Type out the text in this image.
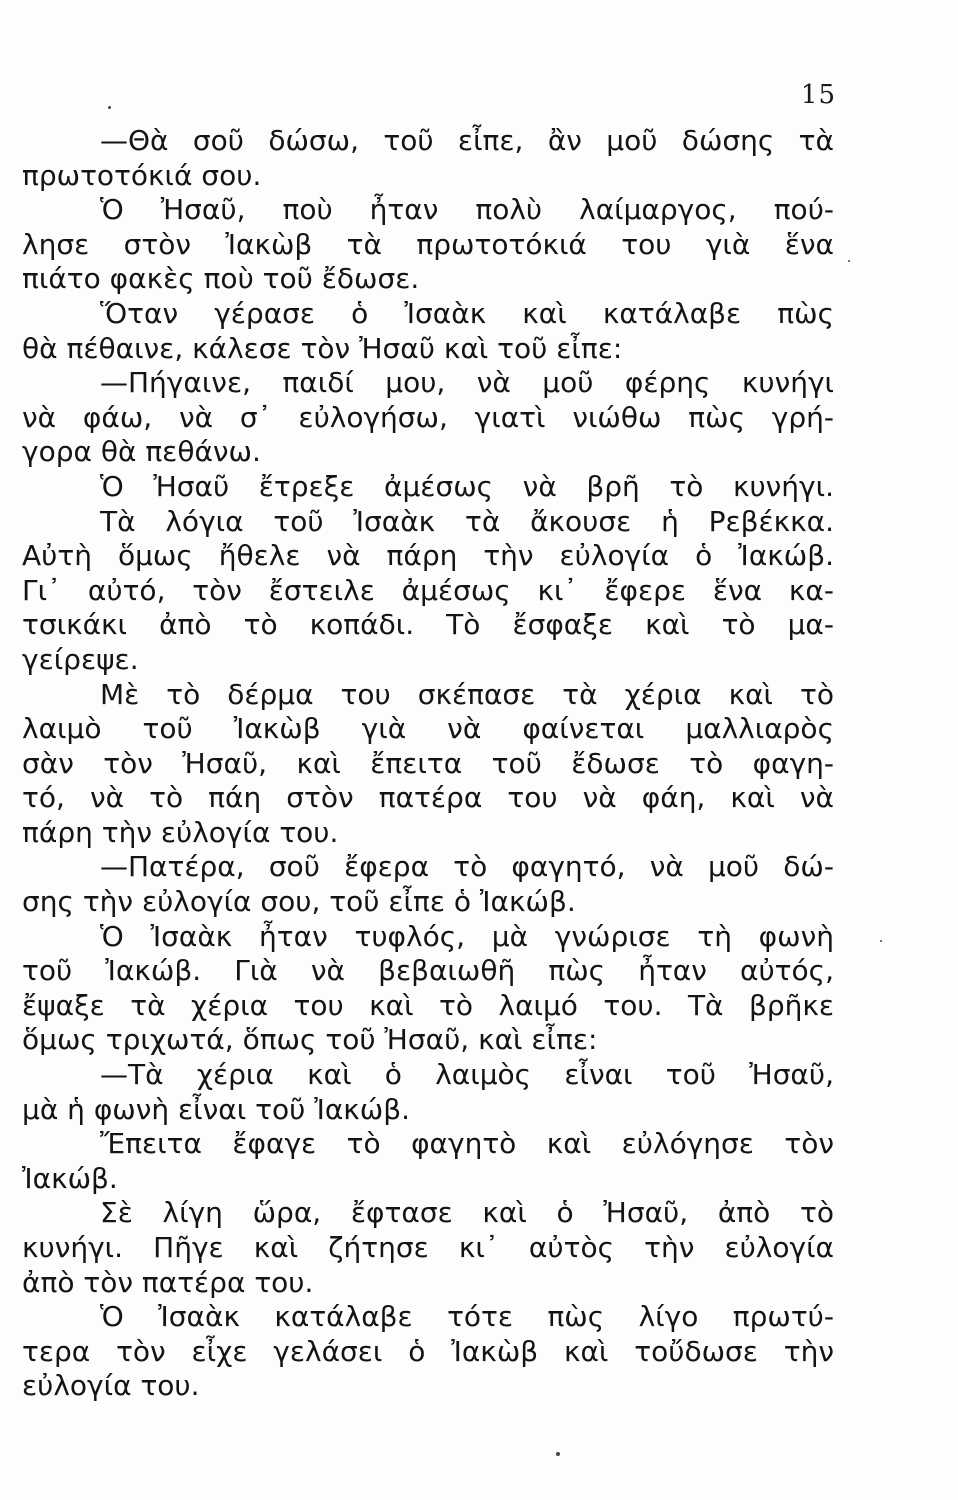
15
—Θὰ σοῦ δώσω, τοῦ εἶπε, ἂν μοῦ δώσης τὰ
πρωτοτόκιά σου.
Ὁ Ἠσαῦ, ποὺ ἦταν πολὺ λαίμαργος, πού-
λησε στὸν Ἰακὼβ τὰ πρωτοτόκιά του γιὰ ἕνα
πιάτο φακὲς ποὺ τοῦ ἔδωσε.
Ὅταν γέρασε ὁ Ἰσαὰκ καὶ κατάλαβε πὼς
θὰ πέθαινε, κάλεσε τὸν Ἠσαῦ καὶ τοῦ εἶπε:
—Πήγαινε, παιδί μου, νὰ μοῦ φέρης κυνήγι
νὰ φάω, νὰ σ᾽ εὐλογήσω, γιατὶ νιώθω πὼς γρή-
γορα θὰ πεθάνω.
Ὁ Ἠσαῦ ἔτρεξε ἀμέσως νὰ βρῆ τὸ κυνήγι.
Τὰ λόγια τοῦ Ἰσαὰκ τὰ ἄκουσε ἡ Ρεβέκκα.
Αὐτὴ ὅμως ἤθελε νὰ πάρη τὴν εὐλογία ὁ Ἰακώβ.
Γι᾽ αὐτό, τὸν ἔστειλε ἀμέσως κι᾽ ἔφερε ἕνα κα-
τσικάκι ἀπὸ τὸ κοπάδι. Τὸ ἔσφαξε καὶ τὸ μα-
γείρεψε.
Μὲ τὸ δέρμα του σκέπασε τὰ χέρια καὶ τὸ
λαιμὸ τοῦ Ἰακὼβ γιὰ νὰ φαίνεται μαλλιαρὸς
σὰν τὸν Ἠσαῦ, καὶ ἔπειτα τοῦ ἔδωσε τὸ φαγη-
τό, νὰ τὸ πάη στὸν πατέρα του νὰ φάη, καὶ νὰ
πάρη τὴν εὐλογία του.
—Πατέρα, σοῦ ἔφερα τὸ φαγητό, νὰ μοῦ δώ-
σης τὴν εὐλογία σου, τοῦ εἶπε ὁ Ἰακώβ.
Ὁ Ἰσαὰκ ἦταν τυφλός, μὰ γνώρισε τὴ φωνὴ
τοῦ Ἰακώβ. Γιὰ νὰ βεβαιωθῆ πὼς ἦταν αὐτός,
ἔψαξε τὰ χέρια του καὶ τὸ λαιμό του. Τὰ βρῆκε
ὅμως τριχωτά, ὅπως τοῦ Ἠσαῦ, καὶ εἶπε:
—Τὰ χέρια καὶ ὁ λαιμὸς εἶναι τοῦ Ἠσαῦ,
μὰ ἡ φωνὴ εἶναι τοῦ Ἰακώβ.
Ἔπειτα ἔφαγε τὸ φαγητὸ καὶ εὐλόγησε τὸν
Ἰακώβ.
Σὲ λίγη ὥρα, ἔφτασε καὶ ὁ Ἠσαῦ, ἀπὸ τὸ
κυνήγι. Πῆγε καὶ ζήτησε κι᾽ αὐτὸς τὴν εὐλογία
ἀπὸ τὸν πατέρα του.
Ὁ Ἰσαὰκ κατάλαβε τότε πὼς λίγο πρωτύ-
τερα τὸν εἶχε γελάσει ὁ Ἰακὼβ καὶ τοὔδωσε τὴν
εὐλογία του.
